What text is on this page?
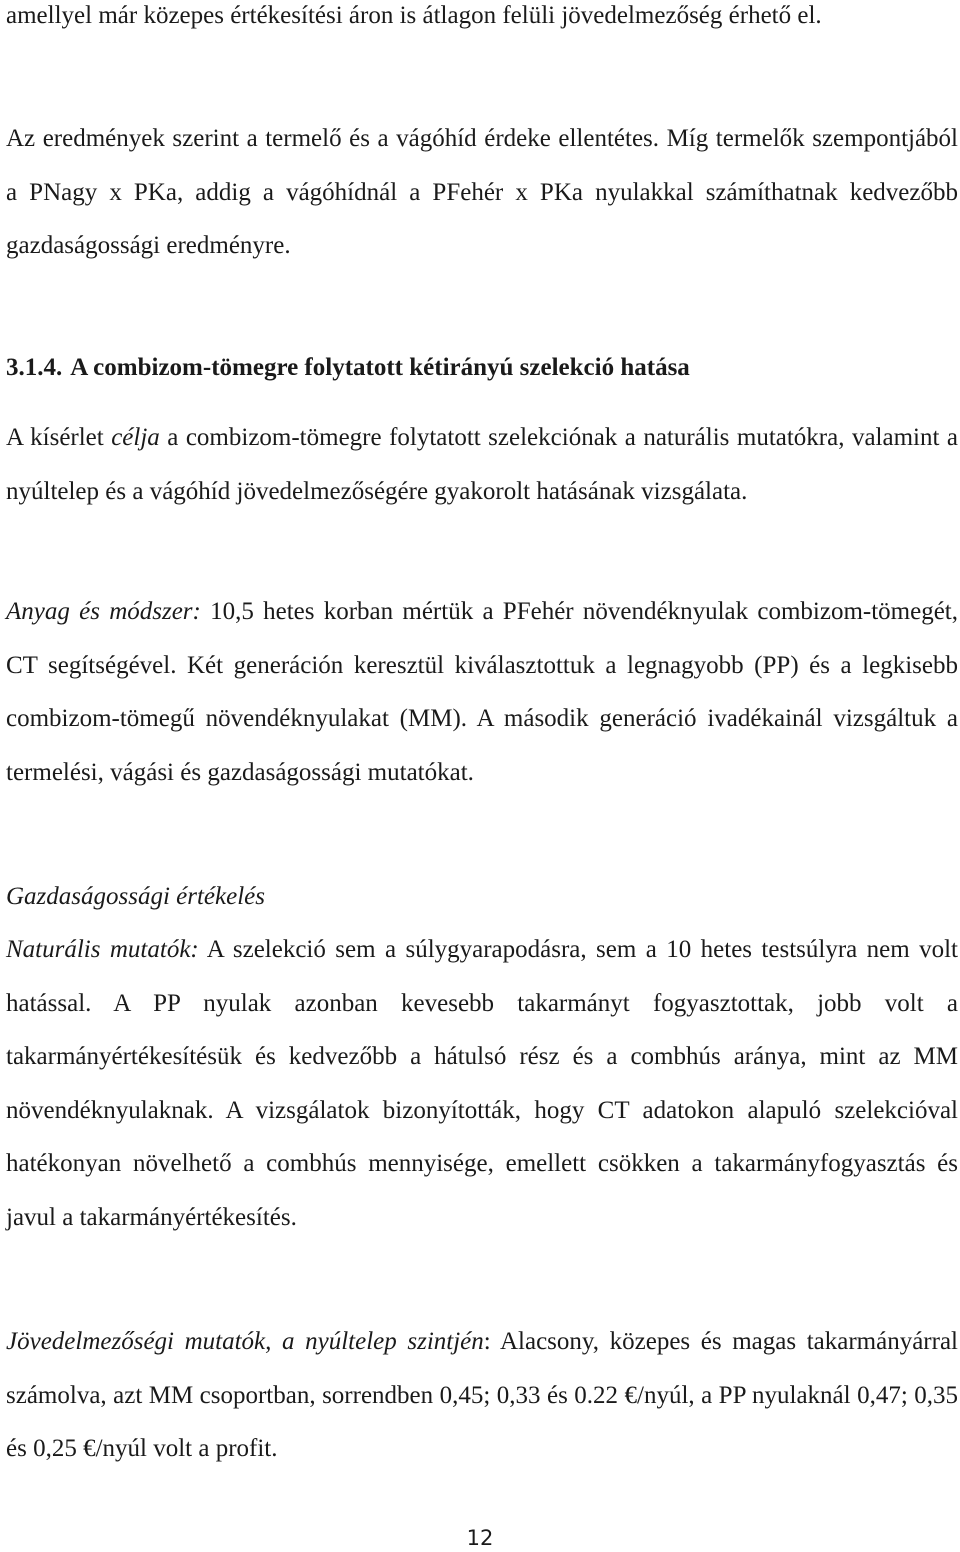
amellyel már közepes értékesítési áron is átlagon felüli jövedelmezőség érhető el.

Az eredmények szerint a termelő és a vágóhíd érdeke ellentétes. Míg termelők szempontjából a PNagy x PKa, addig a vágóhídnál a PFehér x PKa nyulakkal számíthatnak kedvezőbb gazdaságossági eredményre.

3.1.4. A combizom-tömegre folytatott kétirányú szelekció hatása

A kísérlet célja a combizom-tömegre folytatott szelekciónak a naturális mutatókra, valamint a nyúltelep és a vágóhíd jövedelmezőségére gyakorolt hatásának vizsgálata.

Anyag és módszer: 10,5 hetes korban mértük a PFehér növendéknyulak combizom-tömegét, CT segítségével. Két generáción keresztül kiválasztottuk a legnagyobb (PP) és a legkisebb combizom-tömegű növendéknyulakat (MM). A második generáció ivadékainál vizsgáltuk a termelési, vágási és gazdaságossági mutatókat.

Gazdaságossági értékelés

Naturális mutatók: A szelekció sem a súlygyarapodásra, sem a 10 hetes testsúlyra nem volt hatással. A PP nyulak azonban kevesebb takarmányt fogyasztottak, jobb volt a takarmányértékesítésük és kedvezőbb a hátulsó rész és a combhús aránya, mint az MM növendéknyulaknak. A vizsgálatok bizonyították, hogy CT adatokon alapuló szelekcióval hatékonyan növelhető a combhús mennyisége, emellett csökken a takarmányfogyasztás és javul a takarmányértékesítés.

Jövedelmezőségi mutatók, a nyúltelep szintjén: Alacsony, közepes és magas takarmányárral számolva, azt MM csoportban, sorrendben 0,45; 0,33 és 0.22 €/nyúl, a PP nyulaknál 0,47; 0,35 és 0,25 €/nyúl volt a profit.

12
